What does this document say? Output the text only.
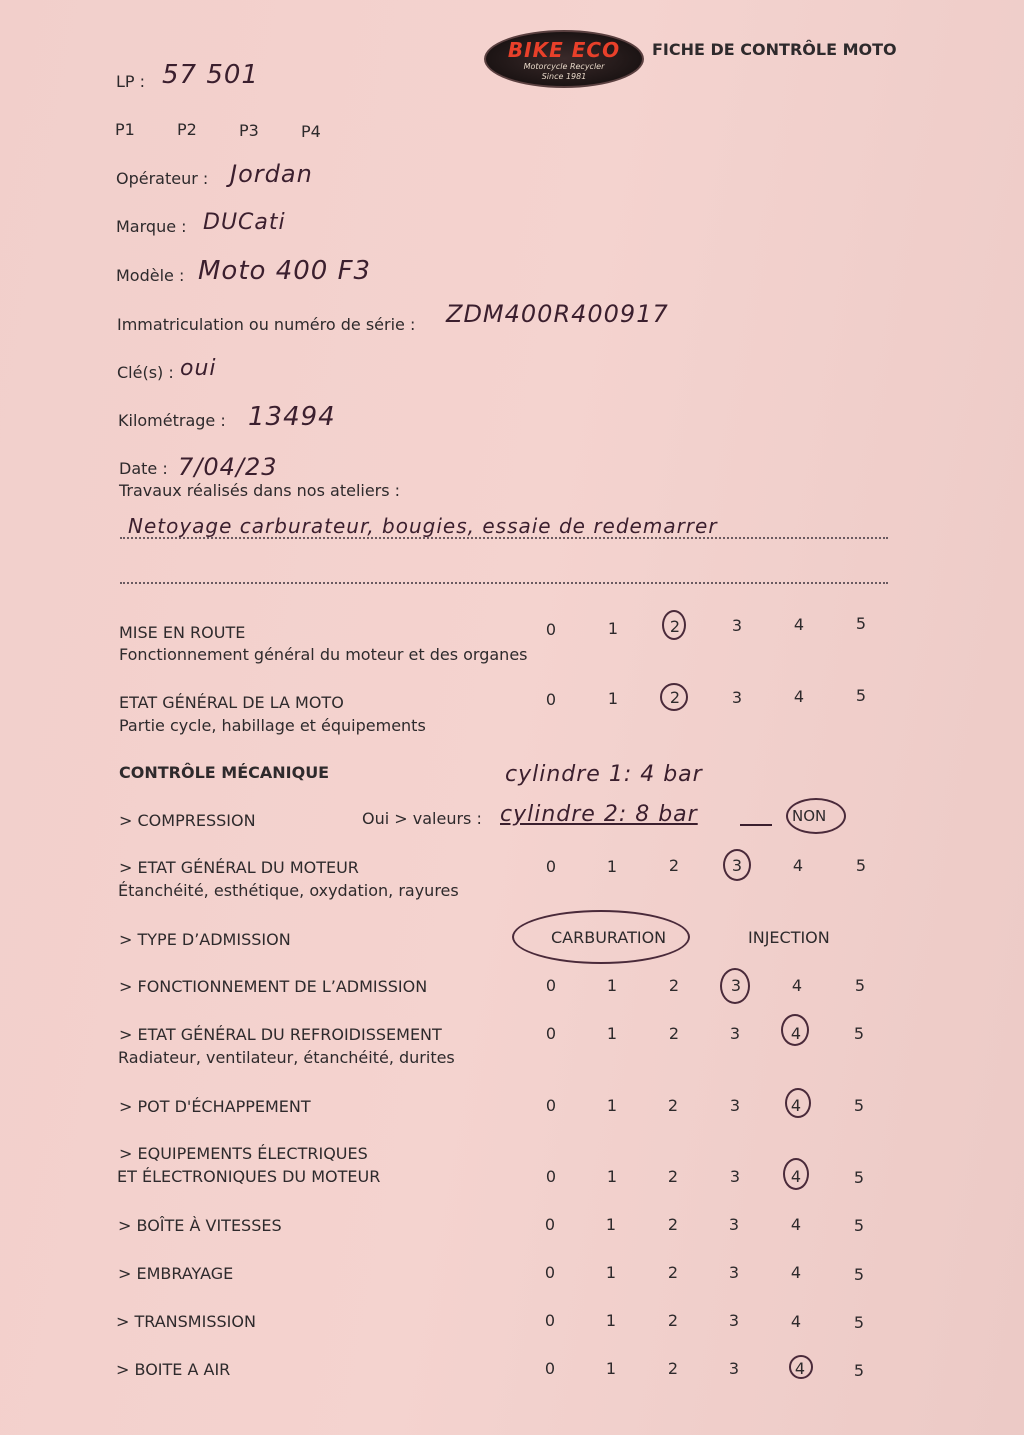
BIKE ECO
Motorcycle Recycler
Since 1981
FICHE DE CONTRÔLE MOTO
LP : 57 501
P1	P2	P3	P4
Opérateur : Jordan
Marque : DUCati
Modèle : Moto 400 F3
Immatriculation ou numéro de série : ZDM400R400917
Clé(s) : oui
Kilométrage : 13494
Date : 7/04/23
Travaux réalisés dans nos ateliers :
Netoyage carburateur, bougies, essaie de redemarrer
MISE EN ROUTE
Fonctionnement général du moteur et des organes
0	1	2	3	4	5
ETAT GÉNÉRAL DE LA MOTO
Partie cycle, habillage et équipements
0	1	2	3	4	5
CONTRÔLE MÉCANIQUE	cylindre 1: 4 bar
> COMPRESSION	Oui > valeurs : cylindre 2: 8 bar	NON
> ETAT GÉNÉRAL DU MOTEUR
Étanchéité, esthétique, oxydation, rayures
0	1	2	3	4	5
> TYPE D’ADMISSION	CARBURATION	INJECTION
> FONCTIONNEMENT DE L’ADMISSION	0	1	2	3	4	5
> ETAT GÉNÉRAL DU REFROIDISSEMENT
Radiateur, ventilateur, étanchéité, durites
0	1	2	3	4	5
> POT D'ÉCHAPPEMENT	0	1	2	3	4	5
> EQUIPEMENTS ÉLECTRIQUES
ET ÉLECTRONIQUES DU MOTEUR	0	1	2	3	4	5
> BOÎTE À VITESSES	0	1	2	3	4	5
> EMBRAYAGE	0	1	2	3	4	5
> TRANSMISSION	0	1	2	3	4	5
> BOITE A AIR	0	1	2	3	4	5
